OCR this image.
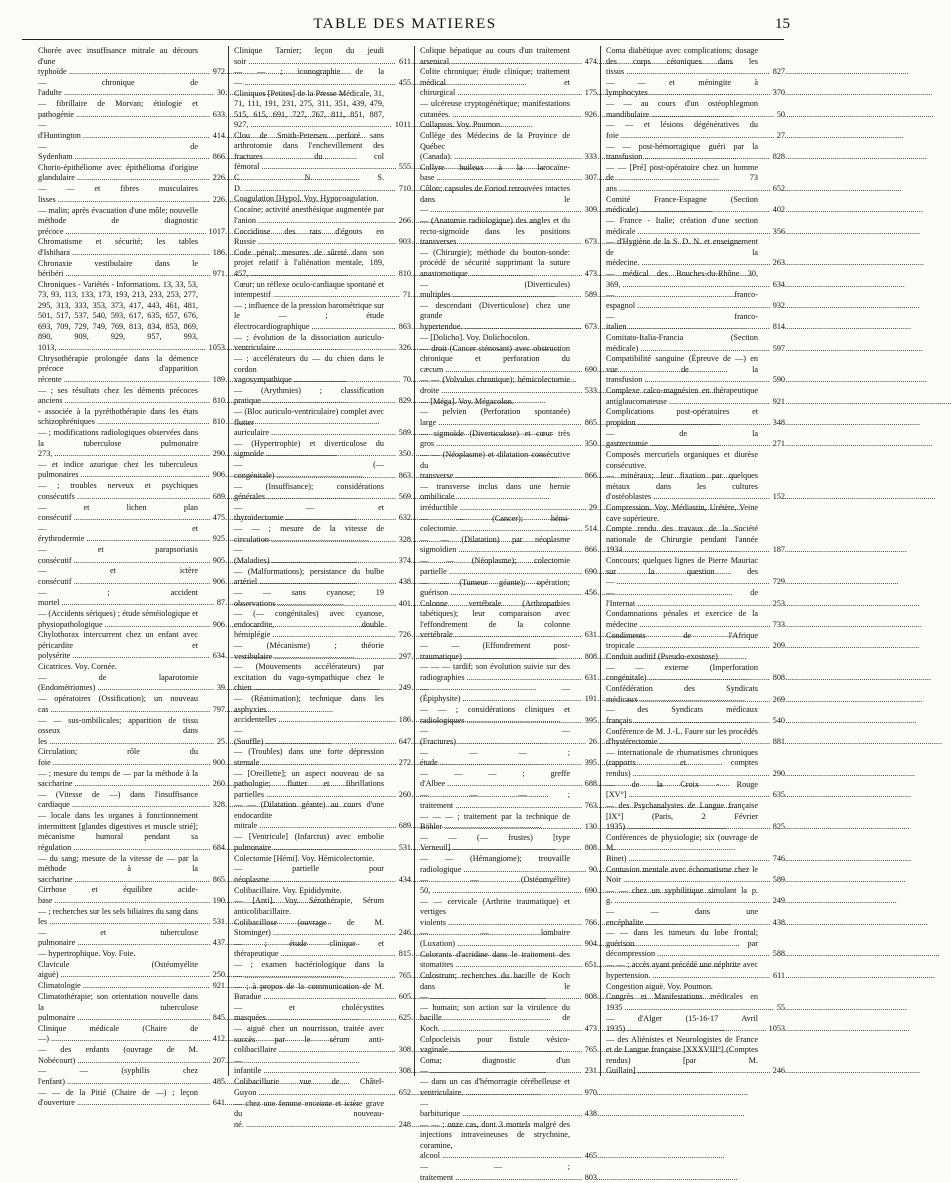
TABLE DES MATIERES	15
Chorée avec insuffisance mitrale au décours d'une typhoïde .....	972
— chronique de l'adulte .....	30
— fibrillaire de Morvan; étiologie et pathogénie .....	633
— d'Huntington .....	414
— de Sydenham .....	866
Chorio-épithéliome avec épithélioma d'origine glandulaire .....	226
— — et fibres musculaires lisses .....	226
— malin; après évacuation d'une môle; nouvelle méthode de diagnostic précoce .....	1017
Chromatisme et sécurité; les tables d'Ishihara .....	186
Chronaxie vestibulaire dans le béribéri .....	971
Chroniques - Variétés - Informations. 13, 33, 53, 73, 93, 113, 133, 173, 193, 213, 233, 253, 277, 295, 313, 333, 353, 373, 417, 443, 461, 481, 501, 517, 537, 540, 593, 617, 635, 657, 676, 693, 709, 729, 749, 769, 813, 834, 853, 869, 890, 909, 929, 957, 993, 1013, .....	1053
Chrysothérapie prolongée dans la démence précoce d'apparition récente .....	189
— ; ses résultats chez les déments précoces anciens .....	810
- associée à la pyréthothérapie dans les états schizophréniques .....	810
— ; modifications radiologiques observées dans la tuberculose pulmonaire 273, .....	290
— et indice azurique chez les tuberculeux pulmonaires .....	906
— ; troubles nerveux et psychiques consécutifs .....	689
— et lichen plan consécutif .....	475
— et érythrodermie .....	925
— et parapsoriasis consécutif .....	905
— et ictère consécutif .....	906
— ; accident mortel .....	87
— (Accidents sériques) ; étude séméiologique et physiopathologique .....	906
Chylothorax intercurrent chez un enfant avec péricardite et polysérite .....	634
Cicatrices. Voy. Cornée.
— de laparotomie (Endométriomes) .....	39
— opératoires (Ossification); un nouveau cas .....	797
— — sus-ombilicales; apparition de tissu osseux dans les .....	25
Circulation; rôle du foie .....	900
— ; mesure du temps de — par la méthode à la saccharine .....	260
— (Vitesse de —) dans l'insuffisance cardiaque .....	328
— locale dans les organes à fonctionnement intermittent [glandes digestives et muscle strié]; mécanisme humoral pendant sa régulation .....	684
— du sang; mesure de la vitesse de — par la méthode à la saccharine .....	865
Cirrhose et équilibre acide-base .....	190
— ; recherches sur les sels biliaires du sang dans les .....	531
— et tuberculose pulmonaire .....	437
— hypertrophique. Voy. Foie.
Clavicule (Ostéomyélite aiguë) .....	250
Climatologie .....	921
Climatothérapie; son orientation nouvelle dans la tuberculose pulmonaire .....	845
Clinique médicale (Chaire de —) .....	412
— des enfants (ouvrage de M. Nobécourt) .....	207
— — (syphilis chez l'enfant) .....	485
— — de la Pitié (Chaire de —) ; leçon d'ouverture .....	641
Clinique Tarnier; leçon du jeudi soir .....	611
— — ; iconographie de la — .....	455
Cliniques [Petites] de la Presse Médicale, 31, 71, 111, 191, 231, 275, 311, 351, 439, 479, 515, 615, 691, 727, 767, 811, 851, 887, 927, .....	1011
Clou de Smith-Petersen perforé sans arthrotomie dans l'enchevillement des fractures du col fémoral .....	555
C N. S. D. .....	710
Coagulation [Hypo]. Voy. Hypocoagulation.
Cocaïne; activité anesthésique augmentée par l'anion .....	266
Coccidiose des rats d'égouts en Russie .....	903
Code pénal; mesures de sûreté dans son projet relatif à l'aliénation mentale, 189, 457, .....	810
Cœur; un réflexe oculo-cardiaque spontané et intempestif .....	71
— ; influence de la pression barométrique sur le — ; étude électrocardiographique .....	863
— ; évolution de la dissociation auriculo-ventriculaire .....	326
— ; accélérateurs du — du chien dans le cordon vagosympathique .....	70
— (Arythmies) ; classification pratique .....	829
— (Bloc auriculo-ventriculaire) complet avec flutter auriculaire .....	589
— (Hypertrophie) et diverticulose du sigmoïde .....	350
— (— congénitale) .....	863
— (Insuffisance); considérations générales .....	569
— — et thyroïdectomie .....	632
— — ; mesure de la vitesse de circulation .....	328
— (Maladies) .....	374
— (Malformations); persistance du bulbe artériel .....	438
— — sans cyanose; 19 observations .....	401
— (— congénitales) avec cyanose, endocardite, double hémiplégie .....	726
— (Mécanisme) ; théorie vestibulaire .....	297
— (Mouvements accélérateurs) par excitation du vago-sympathique chez le chien .....	249
— (Réanimation); technique dans les asphyxies accidentelles .....	186
— (Souffle) .....	647
— (Troubles) dans une forte dépression sternale .....	272
— [Oreillette]; un aspect nouveau de sa pathologie; flutter et fibrillations partielles .....	260
— — (Dilatation géante) au cours d'une endocardite mitrale .....	689
— [Ventricule] (Infarctus) avec embolie pulmonaire .....	531
Colectomie [Hémi]. Voy. Hémicolectomie.
— partielle pour néoplasme. .....	434
Colibacillaire. Voy. Epididymite.
— [Anti]. Voy. Sérothérapie, Sérum anticolibacillaire.
Colibacillose (ouvrage de M. Stominger) .....	246
— ; étude clinique et thérapeutique .....	815
— ; examen bactériologique dans la — .....	765
— ; à propos de la communication de M. Baradue .....	605
— et cholécystites masquées .....	625
— aiguë chez un nourrisson, traitée avec succès par le sérum anti-colibacillaire .....	308
— infantile .....	308
Colibacillurie vue de Châtel-Guyon .....	652
— chez une femme enceinte et ictère grave du nouveau-né. .....	248
Colique hépatique au cours d'un traitement arsenical .....	474
Colite chronique; étude clinique; traitement médical et chirurgical .....	175
— ulcéreuse cryptogénétique; manifestations cutanées. .....	926
Collapsus. Voy. Poumon.
Collège des Médecins de la Province de Québec (Canada). .....	333
Collyre huileux à la larocaïne-base .....	307
Côlon; capsules de Foriod retrouvées intactes dans le — .....	309
— (Anatomie radiologique) des angles et du recto-sigmoïde dans les positions transverses. .....	673
— (Chirurgie); méthode du bouton-sonde: procédé de sécurité supprimant la suture anastomotique .....	473
— (Diverticules) multiples .....	589
— descendant (Diverticulose) chez une grande hypertendue. .....	673
— [Dolicho]. Voy. Dolichocolon.
— droit (Cancer sténosant) avec obstruction chronique et perforation du cæcum .....	690
— — (Volvulus chronique); hémicolectomie droite .....	533
— [Méga]. Voy. Mégacolon.
— pelvien (Perforation spontanée) large .....	865
— sigmoïde (Diverticulose) et cœur très gros .....	350
— — (Néoplasme) et dilatation consécutive du transverse .....	866
— transverse inclus dans une hernie ombilicale irréductible .....	29
— — (Cancer); hémi-colectomie. .....	514
— — (Dilatation) par néoplasme sigmoïdien .....	866
— — (Néoplasme); colectomie partielle .....	690
— — (Tumeur géante); opération; guérison .....	456
Colonne vertébrale (Arthropathies tabétiques); leur comparaison avec l'effondrement de la colonne vertébrale .....	631
— — (Effondrement post-traumatique) .....	808
— — — tardif; son évolution suivie sur des radiographies .....	631
— — (Épiphysite) .....	191
— — ; considérations cliniques et radiologiques .....	395
— — (Fractures) .....	26
— — — ; étude .....	395
— — — ; greffe d'Albee .....	688
— — — ; traitement .....	763
— — — ; traitement par la technique de Böhler .....	130
— — (— frustes) [type Verneuil] .....	808
— — (Hémangiome); trouvaille radiologique .....	90
— — (Ostéomyélite) 50, .....	690
— — cervicale (Arthrite traumatique) et vertiges violents .....	766
— — lombaire (Luxation) .....	904
Colorants d'acridine dans le traitement des stomatites .....	651
Colostrum; recherches du bacille de Koch dans le — .....	808
— humain; son action sur la virulence du bacille de Koch. .....	473
Colpocleisis pour fistule vésico-vaginale .....	765
Coma; diagnostic d'un — .....	231
— dans un cas d'hémorragie cérébelleuse et ventriculaire. .....	970
— barbiturique .....	438
— — ; onze cas, dont 3 mortels malgré des injections intraveineuses de strychnine, coramine, alcool .....	465
— — ; traitement .....	803
Coma diabétique avec complications; dosage des corps cétoniques dans les tissus .....	827
— — et méningite à lymphocytes .....	370
— — au cours d'un ostéophlegmon mandibulaire .....	50
— — et lésions dégénératives du foie .....	27
— — post-hémorragique guéri par la transfusion .....	828
— — [Pré] post-opératoire chez un homme de 73 ans .....	652
Comité France-Espagne (Section médicale) .....	402
— France - Italie; création d'une section médicale .....	356
— d'Hygiène de la S. D. N. et enseignement de la médecine. .....	263
— médical des Bouches-du-Rhône 30, 369, .....	634
— franco-espagnol .....	932
— franco-italien .....	814
Comitato-Italia-Francia (Section médicale) .....	597
Compatibilité sanguine (Épreuve de —) en vue de la transfusion .....	590
Complexe calco-magnésien en thérapeutique antiglaucomateuse .....	921
Complications post-opératoires et propidon .....	348
— de la gastrectomie .....	271
Composés mercuriels organiques et diurèse consécutive.
— minéraux; leur fixation par quelques métaux dans les cultures d'ostéoblastes .....	152
Compression. Voy. Médiastin, Urétère, Veine cave supérieure.
Compte rendu des travaux de la Société nationale de Chirurgie pendant l'année 1934 .....	187
Concours; quelques lignes de Pierre Mauriac sur la question des — .....	729
— de l'Internat .....	253
Condamnations pénales et exercice de la médecine .....	733
Condiments de l'Afrique tropicale .....	209
Conduit auditif (Pseudo-exostose)
— — externe (Imperforation congénitale) .....	808
Confédération des Syndicats médicaux .....	269
— des Syndicats médicaux français .....	540
Conférence de M. J.-L. Faure sur les procédés d'hystérectomie .....	881
— internationale de rhumatismes chroniques (rapports et comptes rendus) .....	290
— de la Croix - Rouge [XV°] .....	635
— des Psychanalystes de Langue française [IX°] (Paris, 2 Février 1935) .....	825
Conférences de physiologie; six (ouvrage de M. Binet) .....	746
Contusion mentale avec échomatisme chez le Noir .....	589
— — chez un syphilitique simulant la p. g. .....	249
— — dans une encéphalite .....	438
— — dans les tumeurs du lobe frontal; guérison par décompression .....	588
— — ; accès ayant précédé une néphrite avec hypertension. .....	611
Congestion aiguë. Voy. Poumon.
Congrès et Manifestations médicales en 1935 .....	55
— d'Alger (15-16-17 Avril 1935) .....	1053
— des Aliénistes et Neurologistes de France et de Langue française [XXXVIII°] (Comptes rendus) [par M. Guillain] .....	246
